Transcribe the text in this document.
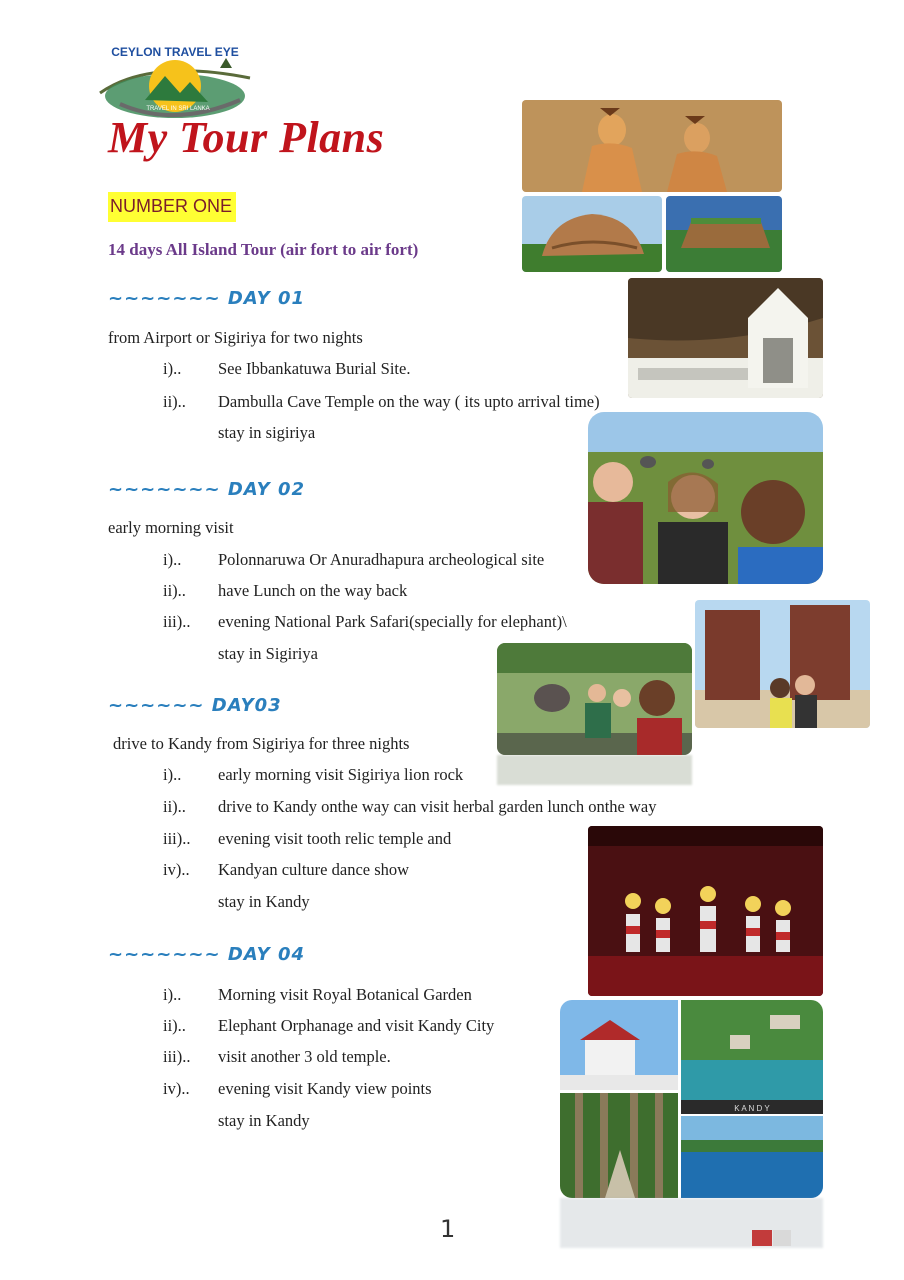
CEYLON TRAVEL EYE
TRAVEL IN SRI LANKA
My Tour Plans
NUMBER ONE
14 days All Island Tour (air fort to air fort)
~~~~~~~ DAY 01
from Airport or Sigiriya for two nights
i).. See Ibbankatuwa Burial Site.
ii).. Dambulla Cave Temple on the way ( its upto arrival time)
stay in sigiriya
~~~~~~~ DAY 02
early morning visit
i).. Polonnaruwa Or Anuradhapura archeological site
ii).. have Lunch on the way back
iii).. evening National Park Safari(specially for elephant)\
stay in Sigiriya
~~~~~~ DAY03
drive to Kandy from Sigiriya for three nights
i).. early morning visit Sigiriya lion rock
ii).. drive to Kandy onthe way can visit herbal garden lunch onthe way
iii).. evening visit tooth relic temple and
iv).. Kandyan culture dance show
stay in Kandy
~~~~~~~ DAY 04
i).. Morning visit Royal Botanical Garden
ii).. Elephant Orphanage and visit Kandy City
iii).. visit another 3 old temple.
iv).. evening visit Kandy view points
stay in Kandy
K A N D Y
1
